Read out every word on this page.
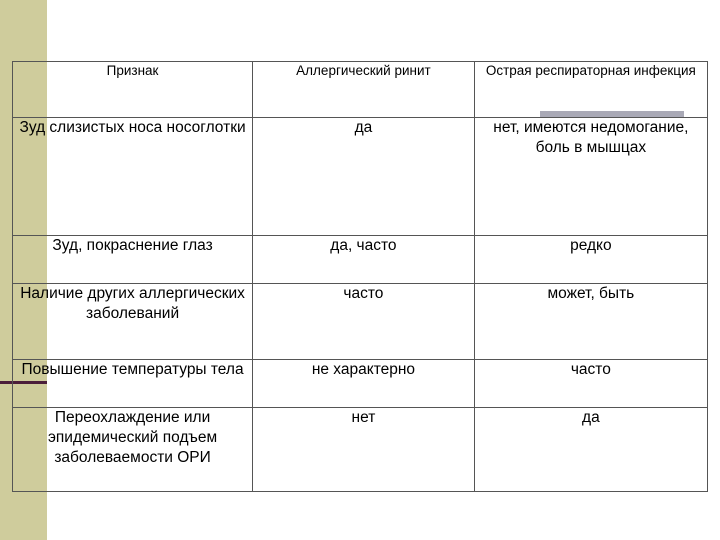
Признак	Аллергический ринит	Острая респираторная инфекция
Зуд слизистых носа носоглотки	да	нет, имеются недомогание, боль в мышцах
Зуд, покраснение глаз	да, часто	редко
Наличие других аллергических заболеваний	часто	может, быть
Повышение температуры тела	не характерно	часто
Переохлаждение или эпидемический подъем заболеваемости ОРИ	нет	да
